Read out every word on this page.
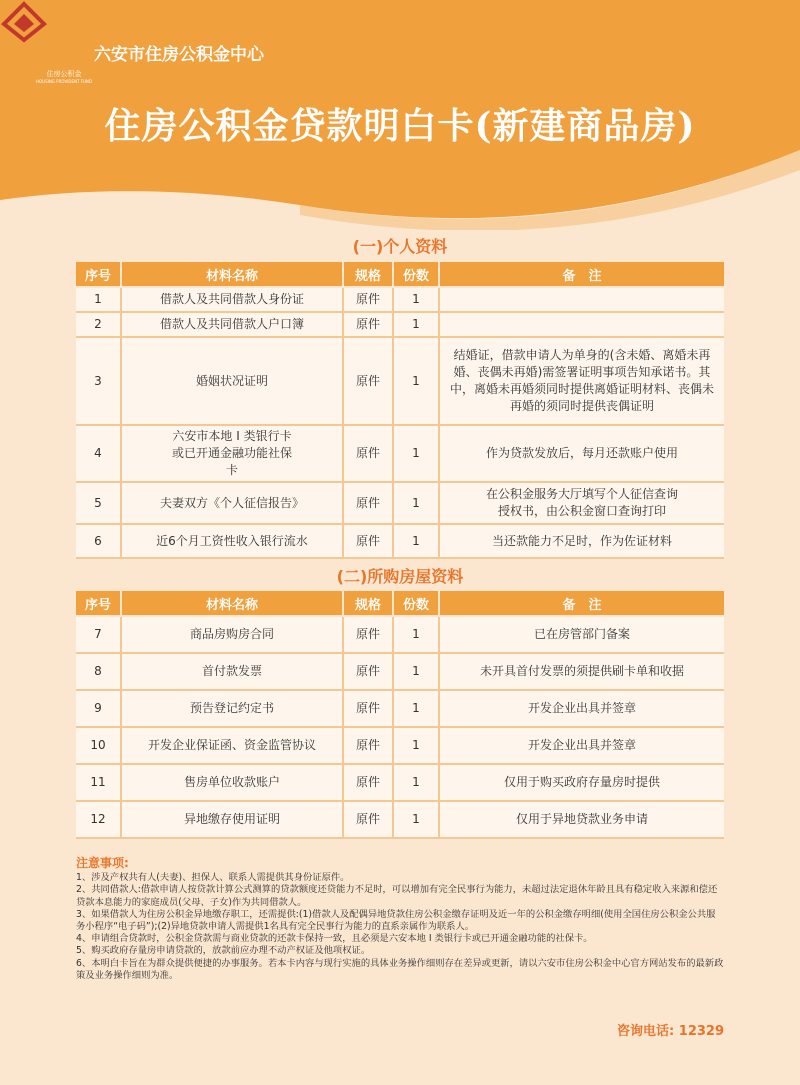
住房公积金
HOUSING PROVIDENT FUND
六安市住房公积金中心
住房公积金贷款明白卡(新建商品房)
(一)个人资料
序号	材料名称	规格	份数	备　注
1	借款人及共同借款人身份证	原件	1	
2	借款人及共同借款人户口簿	原件	1	
3	婚姻状况证明	原件	1	结婚证，借款申请人为单身的(含未婚、离婚未再婚、丧偶未再婚)需签署证明事项告知承诺书。其中，离婚未再婚须同时提供离婚证明材料、丧偶未再婚的须同时提供丧偶证明
4	六安市本地 I 类银行卡或已开通金融功能社保卡	原件	1	作为贷款发放后，每月还款账户使用
5	夫妻双方《个人征信报告》	原件	1	在公积金服务大厅填写个人征信查询授权书，由公积金窗口查询打印
6	近6个月工资性收入银行流水	原件	1	当还款能力不足时，作为佐证材料
(二)所购房屋资料
序号	材料名称	规格	份数	备　注
7	商品房购房合同	原件	1	已在房管部门备案
8	首付款发票	原件	1	未开具首付发票的须提供刷卡单和收据
9	预告登记约定书	原件	1	开发企业出具并签章
10	开发企业保证函、资金监管协议	原件	1	开发企业出具并签章
11	售房单位收款账户	原件	1	仅用于购买政府存量房时提供
12	异地缴存使用证明	原件	1	仅用于异地贷款业务申请
注意事项:

1、涉及产权共有人(夫妻)、担保人、联系人需提供其身份证原件。

2、共同借款人:借款申请人按贷款计算公式测算的贷款额度还贷能力不足时，可以增加有完全民事行为能力，未超过法定退休年龄且具有稳定收入来源和偿还贷款本息能力的家庭成员(父母、子女)作为共同借款人。

3、如果借款人为住房公积金异地缴存职工，还需提供:(1)借款人及配偶异地贷款住房公积金缴存证明及近一年的公积金缴存明细(使用全国住房公积金公共服务小程序“电子码”);(2)异地贷款申请人需提供1名具有完全民事行为能力的直系亲属作为联系人。

4、申请组合贷款时，公积金贷款需与商业贷款的还款卡保持一致，且必须是六安本地 I 类银行卡或已开通金融功能的社保卡。

5、购买政府存量房申请贷款的，放款前应办理不动产权证及他项权证。

6、本明白卡旨在为群众提供便捷的办事服务。若本卡内容与现行实施的具体业务操作细则存在差异或更新，请以六安市住房公积金中心官方网站发布的最新政策及业务操作细则为准。

咨询电话: 12329
